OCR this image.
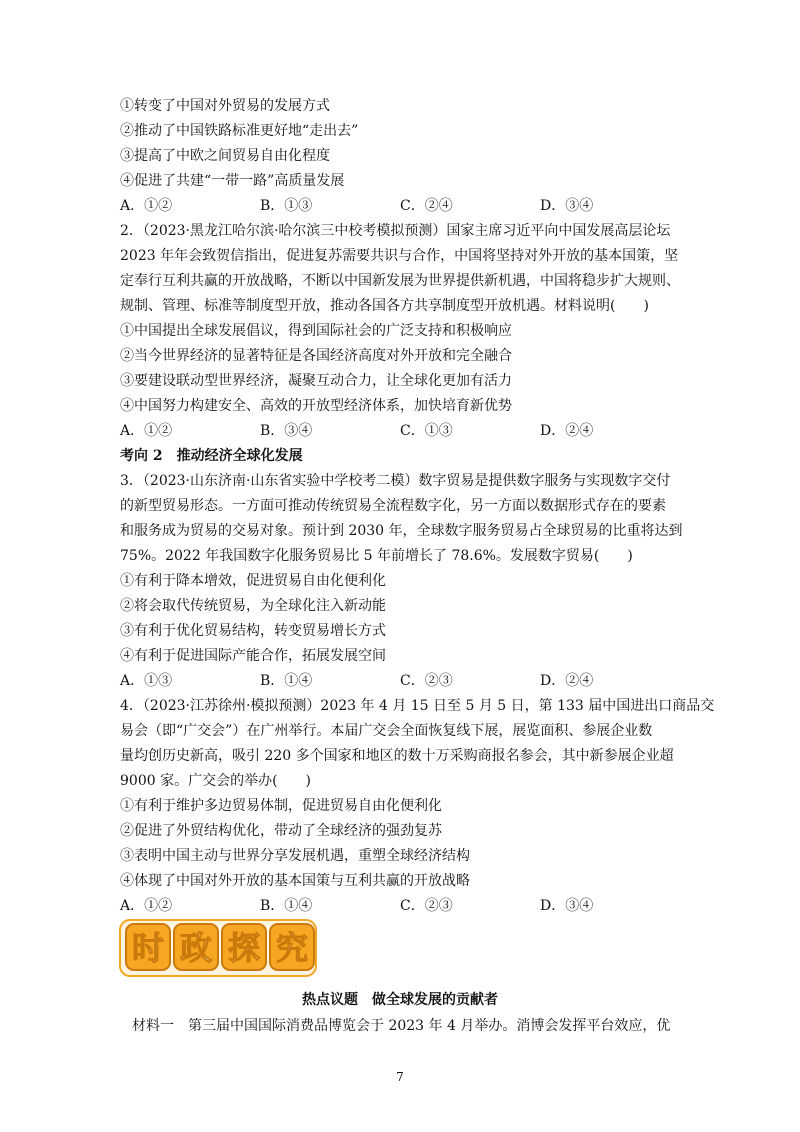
①转变了中国对外贸易的发展方式
②推动了中国铁路标准更好地“走出去”
③提高了中欧之间贸易自由化程度
④促进了共建“一带一路”高质量发展
A．①②	B．①③	C．②④	D．③④
2．（2023·黑龙江哈尔滨·哈尔滨三中校考模拟预测）国家主席习近平向中国发展高层论坛
2023 年年会致贺信指出，促进复苏需要共识与合作，中国将坚持对外开放的基本国策，坚
定奉行互利共赢的开放战略，不断以中国新发展为世界提供新机遇，中国将稳步扩大规则、
规制、管理、标准等制度型开放，推动各国各方共享制度型开放机遇。材料说明(　　)
①中国提出全球发展倡议，得到国际社会的广泛支持和积极响应
②当今世界经济的显著特征是各国经济高度对外开放和完全融合
③要建设联动型世界经济，凝聚互动合力，让全球化更加有活力
④中国努力构建安全、高效的开放型经济体系，加快培育新优势
A．①②	B．③④	C．①③	D．②④
考向 2 推动经济全球化发展
3．（2023·山东济南·山东省实验中学校考二模）数字贸易是提供数字服务与实现数字交付
的新型贸易形态。一方面可推动传统贸易全流程数字化，另一方面以数据形式存在的要素
和服务成为贸易的交易对象。预计到 2030 年，全球数字服务贸易占全球贸易的比重将达到
75%。2022 年我国数字化服务贸易比 5 年前增长了 78.6%。发展数字贸易(　　)
①有利于降本增效，促进贸易自由化便利化
②将会取代传统贸易，为全球化注入新动能
③有利于优化贸易结构，转变贸易增长方式
④有利于促进国际产能合作，拓展发展空间
A．①③	B．①④	C．②③	D．②④
4．（2023·江苏徐州·模拟预测）2023 年 4 月 15 日至 5 月 5 日，第 133 届中国进出口商品交
易会（即“广交会”）在广州举行。本届广交会全面恢复线下展，展览面积、参展企业数
量均创历史新高，吸引 220 多个国家和地区的数十万采购商报名参会，其中新参展企业超
9000 家。广交会的举办(　　)
①有利于维护多边贸易体制，促进贸易自由化便利化
②促进了外贸结构优化，带动了全球经济的强劲复苏
③表明中国主动与世界分享发展机遇，重塑全球经济结构
④体现了中国对外开放的基本国策与互利共赢的开放战略
A．①②	B．①④	C．②③	D．③④
时 政 探 究
热点议题　做全球发展的贡献者
材料一　第三届中国国际消费品博览会于 2023 年 4 月举办。消博会发挥平台效应，优
7
